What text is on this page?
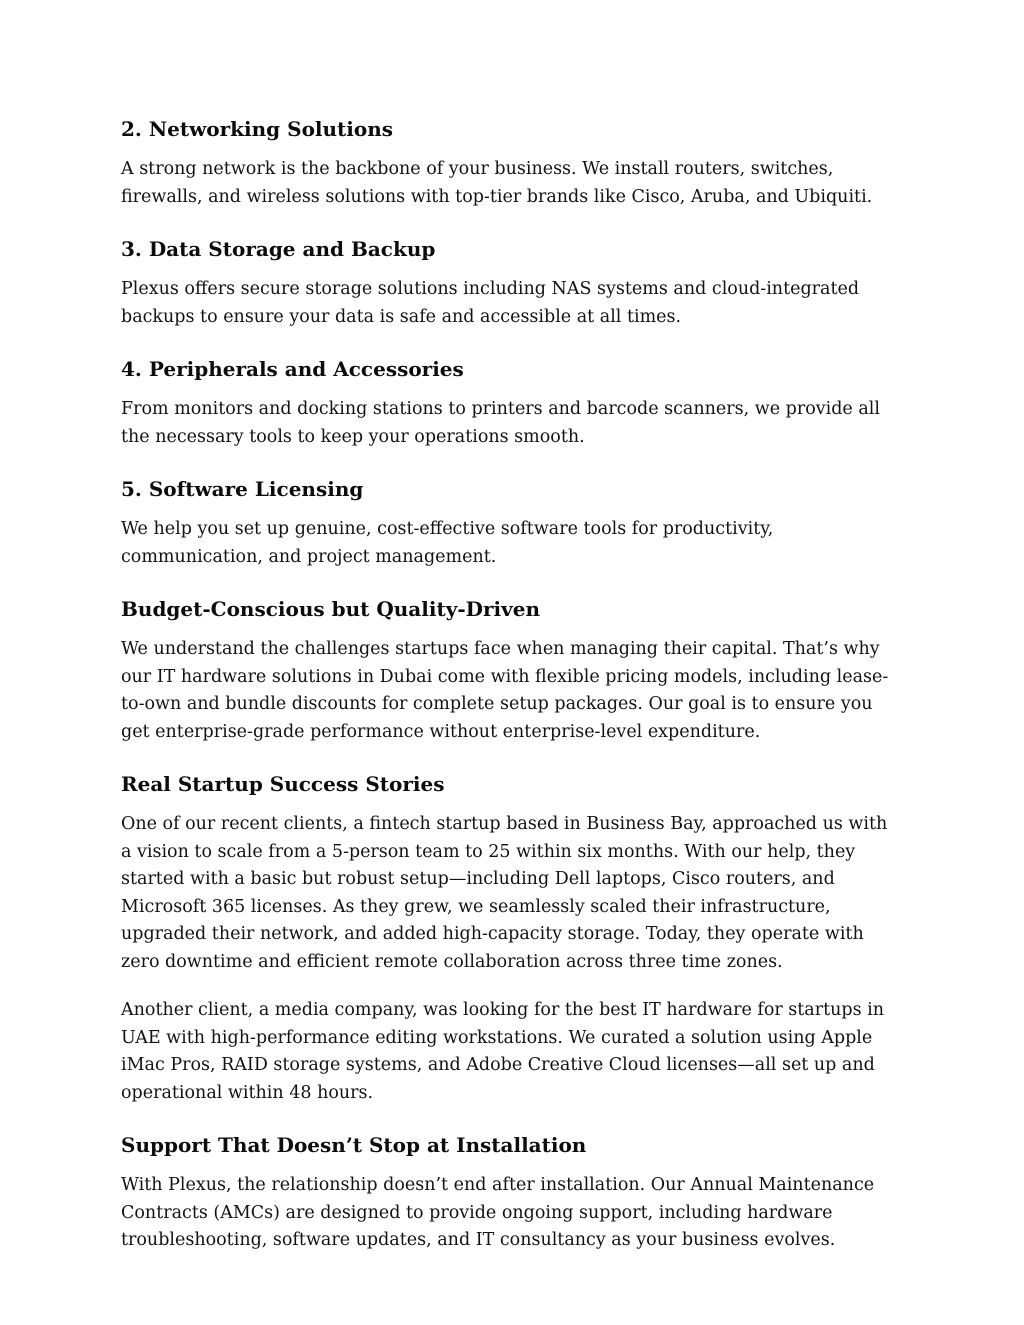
2. Networking Solutions

A strong network is the backbone of your business. We install routers, switches, firewalls, and wireless solutions with top-tier brands like Cisco, Aruba, and Ubiquiti.

3. Data Storage and Backup

Plexus offers secure storage solutions including NAS systems and cloud-integrated backups to ensure your data is safe and accessible at all times.

4. Peripherals and Accessories

From monitors and docking stations to printers and barcode scanners, we provide all the necessary tools to keep your operations smooth.

5. Software Licensing

We help you set up genuine, cost-effective software tools for productivity, communication, and project management.

Budget-Conscious but Quality-Driven

We understand the challenges startups face when managing their capital. That’s why our IT hardware solutions in Dubai come with flexible pricing models, including lease-to-own and bundle discounts for complete setup packages. Our goal is to ensure you get enterprise-grade performance without enterprise-level expenditure.

Real Startup Success Stories

One of our recent clients, a fintech startup based in Business Bay, approached us with a vision to scale from a 5-person team to 25 within six months. With our help, they started with a basic but robust setup—including Dell laptops, Cisco routers, and Microsoft 365 licenses. As they grew, we seamlessly scaled their infrastructure, upgraded their network, and added high-capacity storage. Today, they operate with zero downtime and efficient remote collaboration across three time zones.

Another client, a media company, was looking for the best IT hardware for startups in UAE with high-performance editing workstations. We curated a solution using Apple iMac Pros, RAID storage systems, and Adobe Creative Cloud licenses—all set up and operational within 48 hours.

Support That Doesn’t Stop at Installation

With Plexus, the relationship doesn’t end after installation. Our Annual Maintenance Contracts (AMCs) are designed to provide ongoing support, including hardware troubleshooting, software updates, and IT consultancy as your business evolves.
